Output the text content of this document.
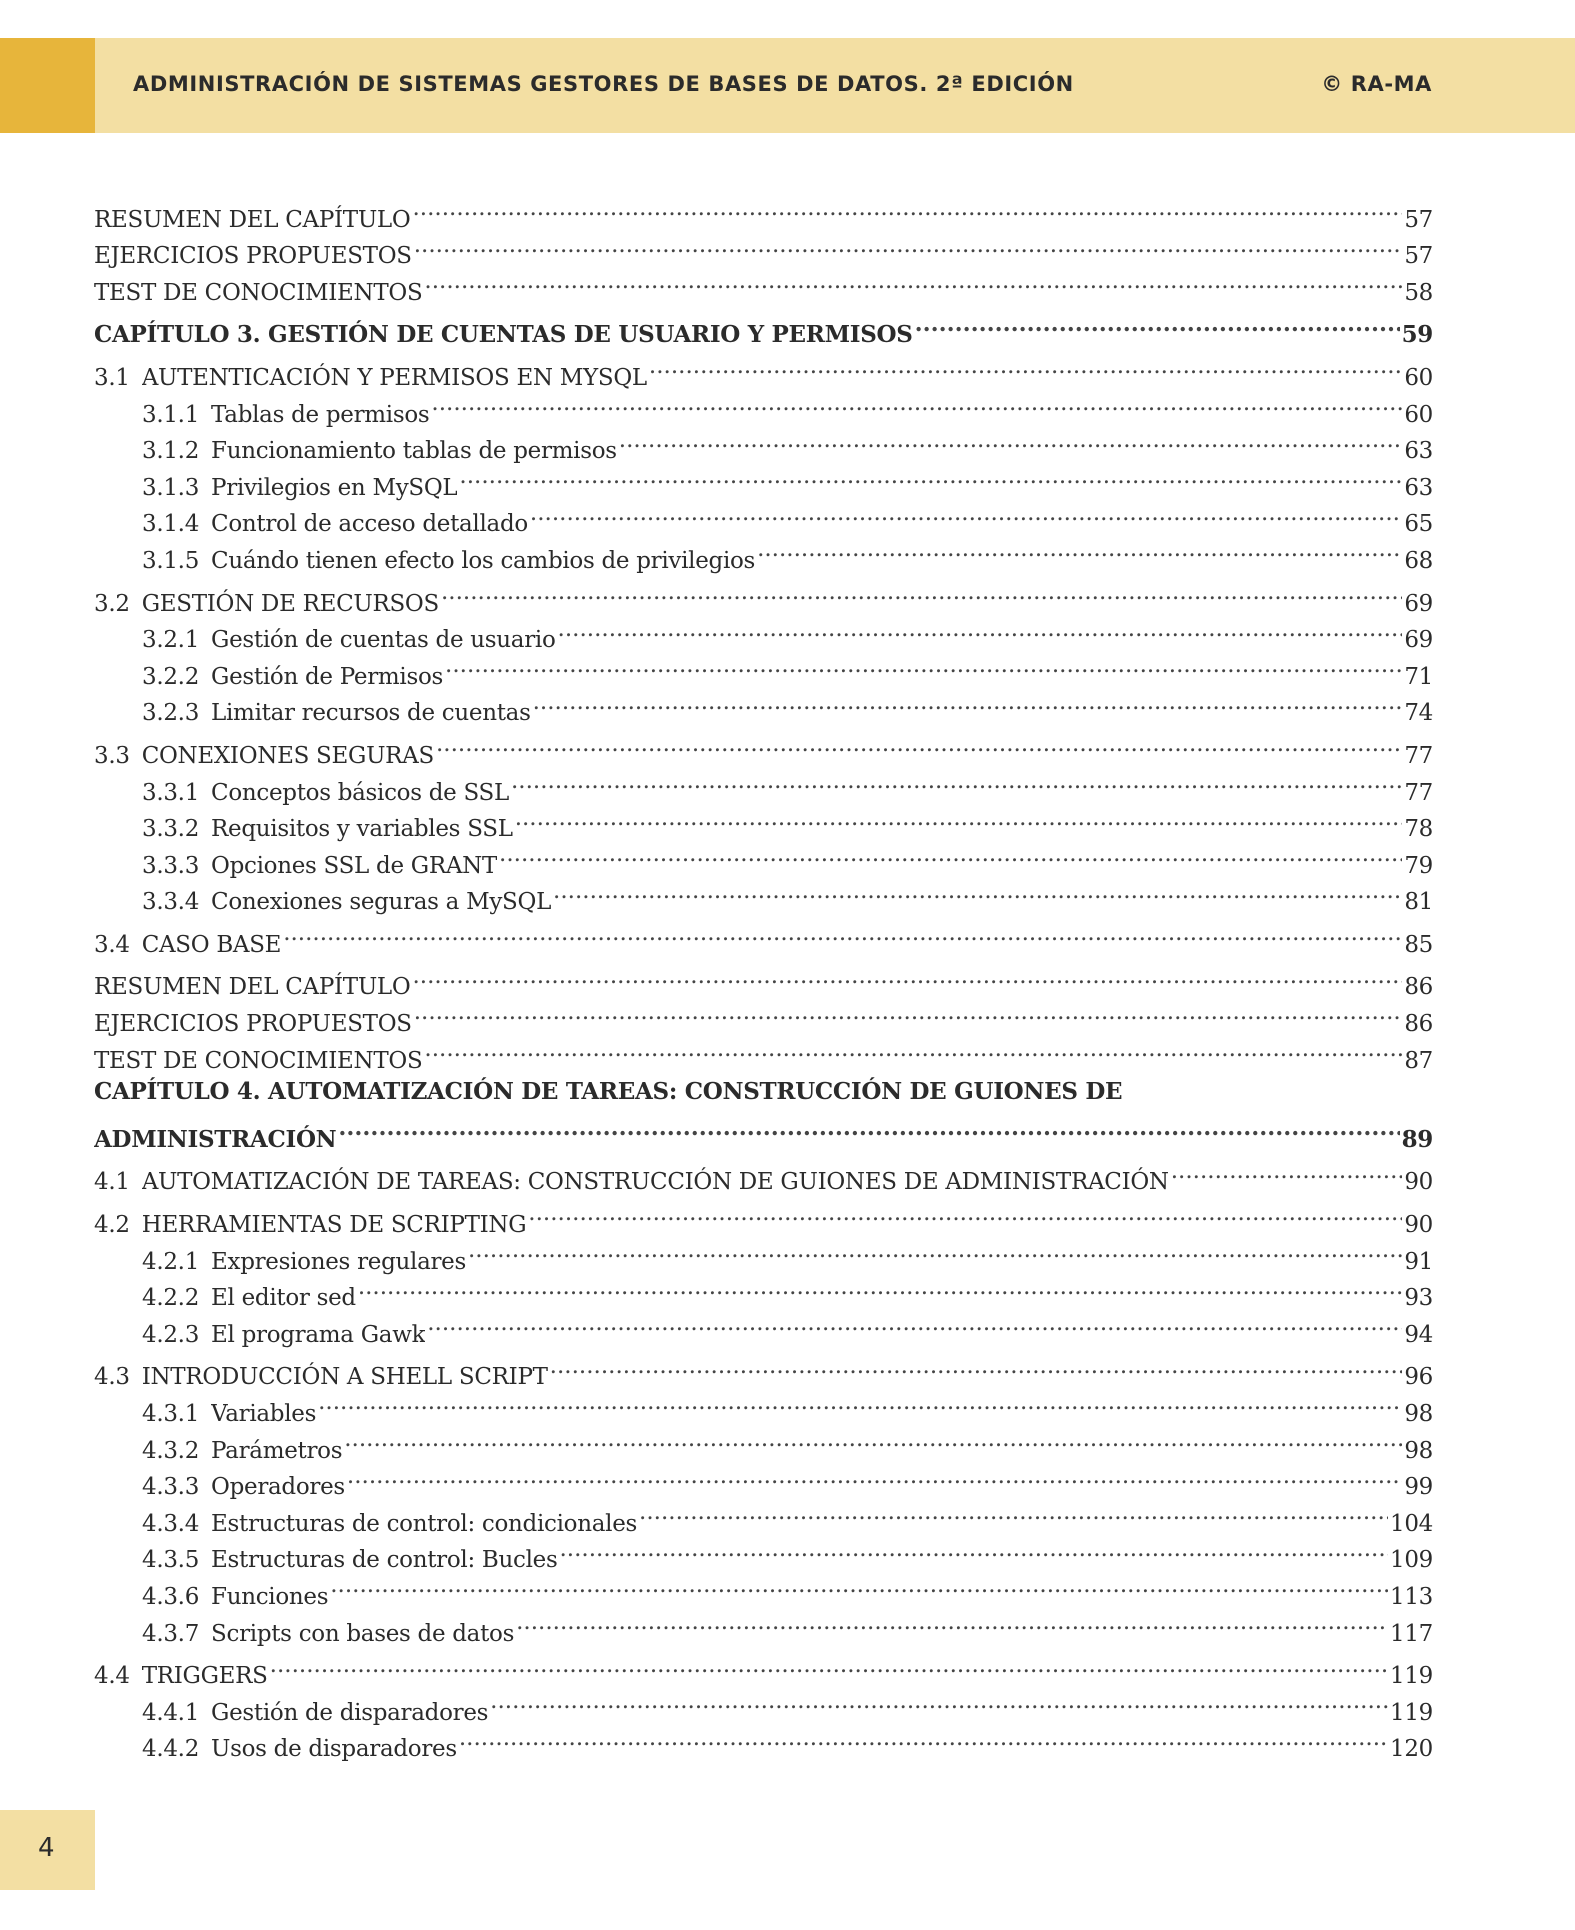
ADMINISTRACIÓN DE SISTEMAS GESTORES DE BASES DE DATOS. 2ª EDICIÓN	© RA-MA
RESUMEN DEL CAPÍTULO .....	57
EJERCICIOS PROPUESTOS .....	57
TEST DE CONOCIMIENTOS .....	58
CAPÍTULO 3. GESTIÓN DE CUENTAS DE USUARIO Y PERMISOS .....	59
3.1 AUTENTICACIÓN Y PERMISOS EN MYSQL .....	60
3.1.1 Tablas de permisos .....	60
3.1.2 Funcionamiento tablas de permisos .....	63
3.1.3 Privilegios en MySQL .....	63
3.1.4 Control de acceso detallado .....	65
3.1.5 Cuándo tienen efecto los cambios de privilegios .....	68
3.2 GESTIÓN DE RECURSOS .....	69
3.2.1 Gestión de cuentas de usuario .....	69
3.2.2 Gestión de Permisos .....	71
3.2.3 Limitar recursos de cuentas .....	74
3.3 CONEXIONES SEGURAS .....	77
3.3.1 Conceptos básicos de SSL .....	77
3.3.2 Requisitos y variables SSL .....	78
3.3.3 Opciones SSL de GRANT .....	79
3.3.4 Conexiones seguras a MySQL .....	81
3.4 CASO BASE .....	85
RESUMEN DEL CAPÍTULO .....	86
EJERCICIOS PROPUESTOS .....	86
TEST DE CONOCIMIENTOS .....	87
CAPÍTULO 4. AUTOMATIZACIÓN DE TAREAS: CONSTRUCCIÓN DE GUIONES DE
ADMINISTRACIÓN .....	89
4.1 AUTOMATIZACIÓN DE TAREAS: CONSTRUCCIÓN DE GUIONES DE ADMINISTRACIÓN .....	90
4.2 HERRAMIENTAS DE SCRIPTING .....	90
4.2.1 Expresiones regulares .....	91
4.2.2 El editor sed .....	93
4.2.3 El programa Gawk .....	94
4.3 INTRODUCCIÓN A SHELL SCRIPT .....	96
4.3.1 Variables .....	98
4.3.2 Parámetros .....	98
4.3.3 Operadores .....	99
4.3.4 Estructuras de control: condicionales .....	104
4.3.5 Estructuras de control: Bucles .....	109
4.3.6 Funciones .....	113
4.3.7 Scripts con bases de datos .....	117
4.4 TRIGGERS .....	119
4.4.1 Gestión de disparadores .....	119
4.4.2 Usos de disparadores .....	120
4
